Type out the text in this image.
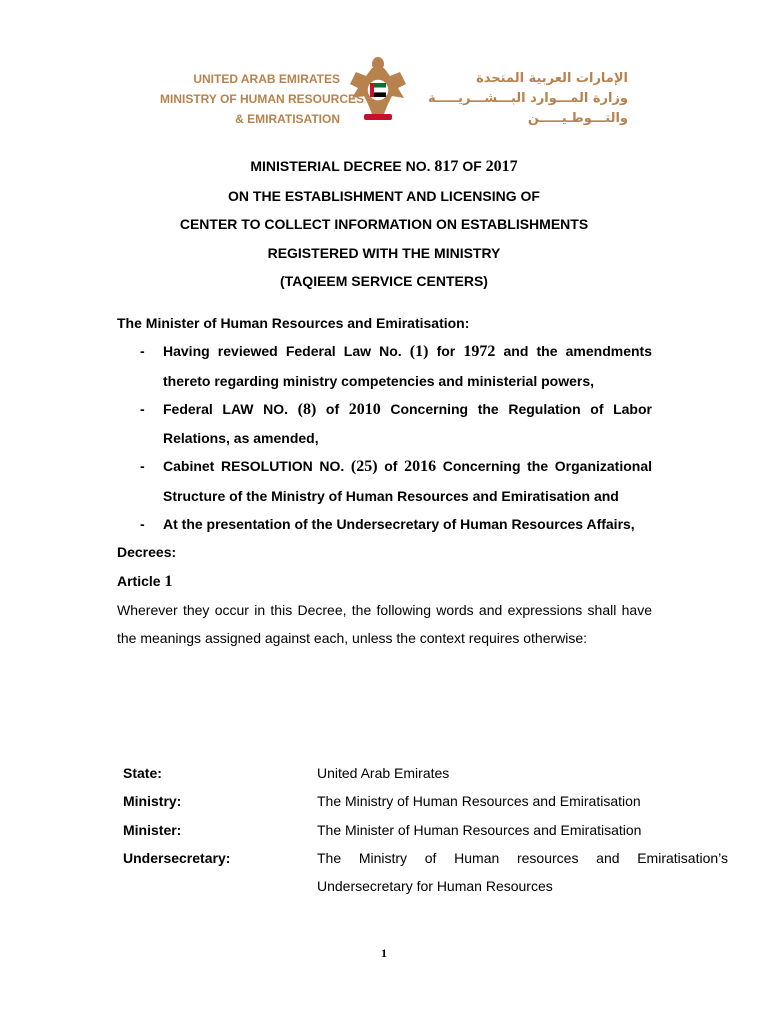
UNITED ARAB EMIRATES
MINISTRY OF HUMAN RESOURCES
& EMIRATISATION
الإمارات العربية المتحدة
وزارة المـــوارد البـــشـــريـــــة
والتـــوطـيـــــن
MINISTERIAL DECREE NO. 817 OF 2017
ON THE ESTABLISHMENT AND LICENSING OF
CENTER TO COLLECT INFORMATION ON ESTABLISHMENTS
REGISTERED WITH THE MINISTRY
(TAQIEEM SERVICE CENTERS)
The Minister of Human Resources and Emiratisation:
- Having reviewed Federal Law No. (1) for 1972 and the amendments thereto regarding ministry competencies and ministerial powers,
- Federal LAW NO. (8) of 2010 Concerning the Regulation of Labor Relations, as amended,
- Cabinet RESOLUTION NO. (25) of 2016 Concerning the Organizational Structure of the Ministry of Human Resources and Emiratisation and
- At the presentation of the Undersecretary of Human Resources Affairs,
Decrees:
Article 1
Wherever they occur in this Decree, the following words and expressions shall have the meanings assigned against each, unless the context requires otherwise:
State:	United Arab Emirates
Ministry:	The Ministry of Human Resources and Emiratisation
Minister:	The Minister of Human Resources and Emiratisation
Undersecretary:	The Ministry of Human resources and Emiratisation’s Undersecretary for Human Resources
1
